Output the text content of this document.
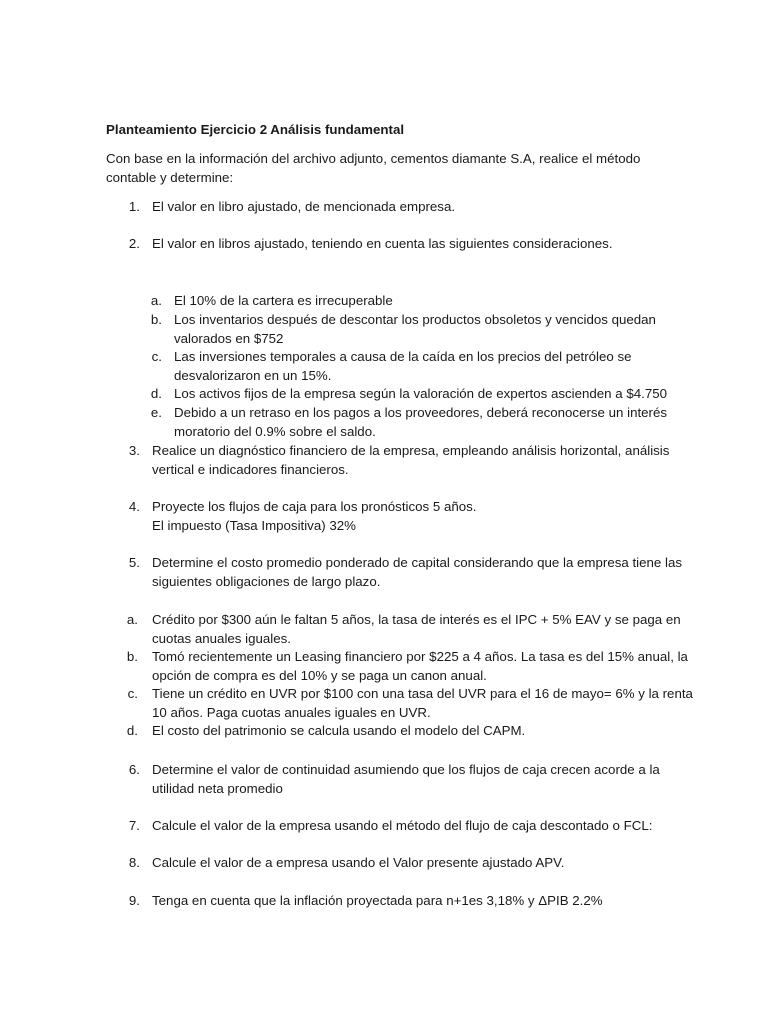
Planteamiento Ejercicio 2 Análisis fundamental
Con base en la información del archivo adjunto, cementos diamante S.A, realice el método
contable y determine:
1. El valor en libro ajustado, de mencionada empresa.
2. El valor en libros ajustado, teniendo en cuenta las siguientes consideraciones.
a. El 10% de la cartera es irrecuperable
b. Los inventarios después de descontar los productos obsoletos y vencidos quedan
valorados en $752
c. Las inversiones temporales a causa de la caída en los precios del petróleo se
desvalorizaron en un 15%.
d. Los activos fijos de la empresa según la valoración de expertos ascienden a $4.750
e. Debido a un retraso en los pagos a los proveedores, deberá reconocerse un interés
moratorio del 0.9% sobre el saldo.
3. Realice un diagnóstico financiero de la empresa, empleando análisis horizontal, análisis
vertical e indicadores financieros.
4. Proyecte los flujos de caja para los pronósticos 5 años.
El impuesto (Tasa Impositiva) 32%
5. Determine el costo promedio ponderado de capital considerando que la empresa tiene las
siguientes obligaciones de largo plazo.
a. Crédito por $300 aún le faltan 5 años, la tasa de interés es el IPC + 5% EAV y se paga en
cuotas anuales iguales.
b. Tomó recientemente un Leasing financiero por $225 a 4 años. La tasa es del 15% anual, la
opción de compra es del 10% y se paga un canon anual.
c. Tiene un crédito en UVR por $100 con una tasa del UVR para el 16 de mayo= 6% y la renta
10 años. Paga cuotas anuales iguales en UVR.
d. El costo del patrimonio se calcula usando el modelo del CAPM.
6. Determine el valor de continuidad asumiendo que los flujos de caja crecen acorde a la
utilidad neta promedio
7. Calcule el valor de la empresa usando el método del flujo de caja descontado o FCL:
8. Calcule el valor de a empresa usando el Valor presente ajustado APV.
9. Tenga en cuenta que la inflación proyectada para n+1es 3,18% y ΔPIB 2.2%
